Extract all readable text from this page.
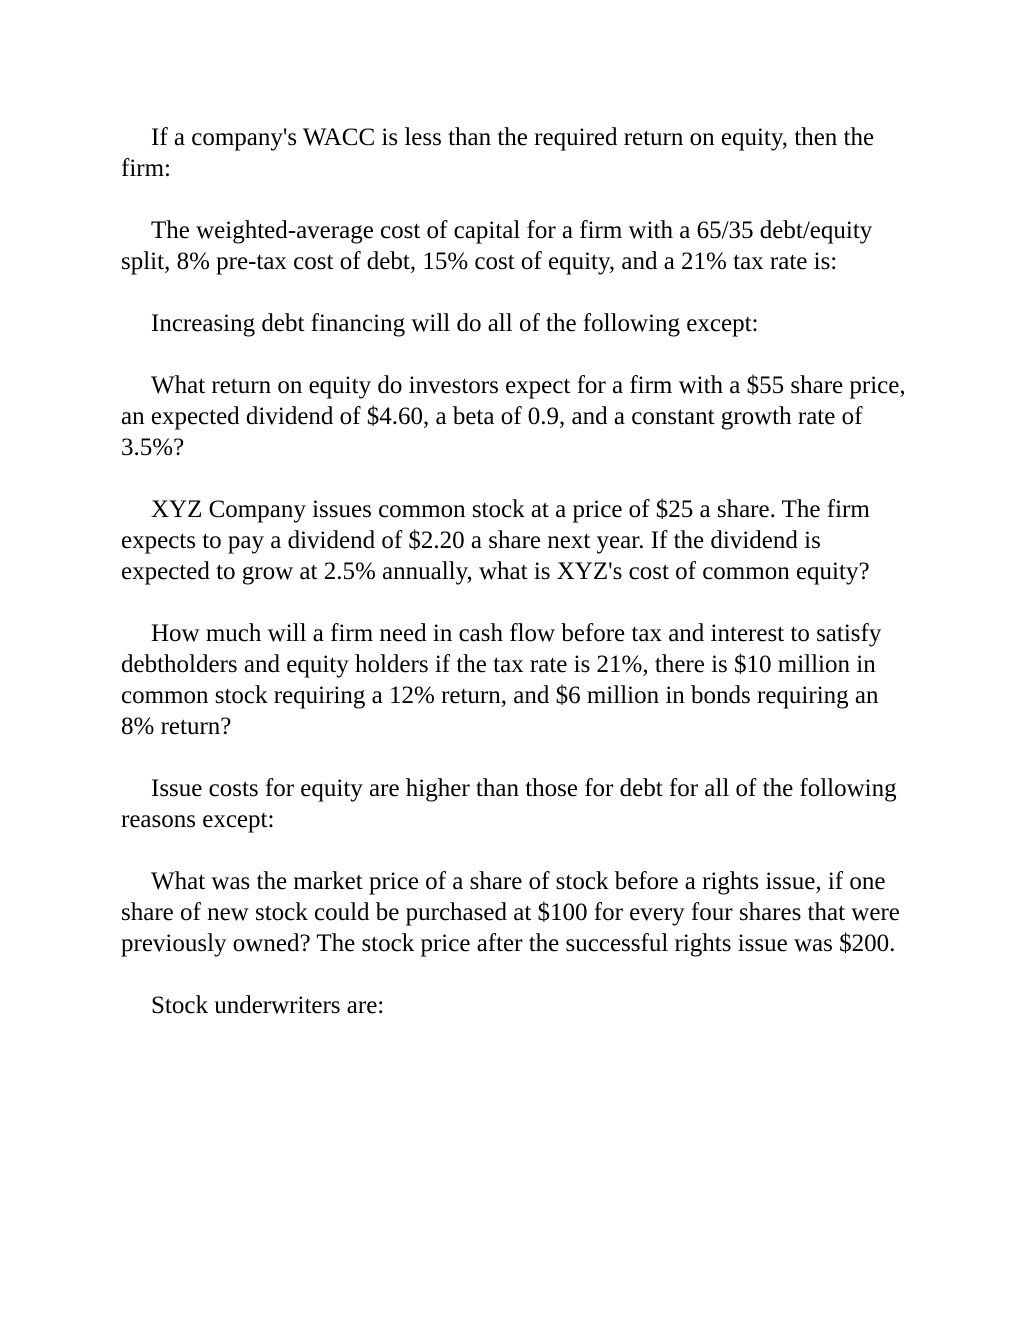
If a company's WACC is less than the required return on equity, then the firm:

The weighted-average cost of capital for a firm with a 65/35 debt/equity split, 8% pre-tax cost of debt, 15% cost of equity, and a 21% tax rate is:

Increasing debt financing will do all of the following except:

What return on equity do investors expect for a firm with a $55 share price, an expected dividend of $4.60, a beta of 0.9, and a constant growth rate of 3.5%?

XYZ Company issues common stock at a price of $25 a share. The firm expects to pay a dividend of $2.20 a share next year. If the dividend is expected to grow at 2.5% annually, what is XYZ's cost of common equity?

How much will a firm need in cash flow before tax and interest to satisfy debtholders and equity holders if the tax rate is 21%, there is $10 million in common stock requiring a 12% return, and $6 million in bonds requiring an 8% return?

Issue costs for equity are higher than those for debt for all of the following reasons except:

What was the market price of a share of stock before a rights issue, if one share of new stock could be purchased at $100 for every four shares that were previously owned? The stock price after the successful rights issue was $200.

Stock underwriters are:
